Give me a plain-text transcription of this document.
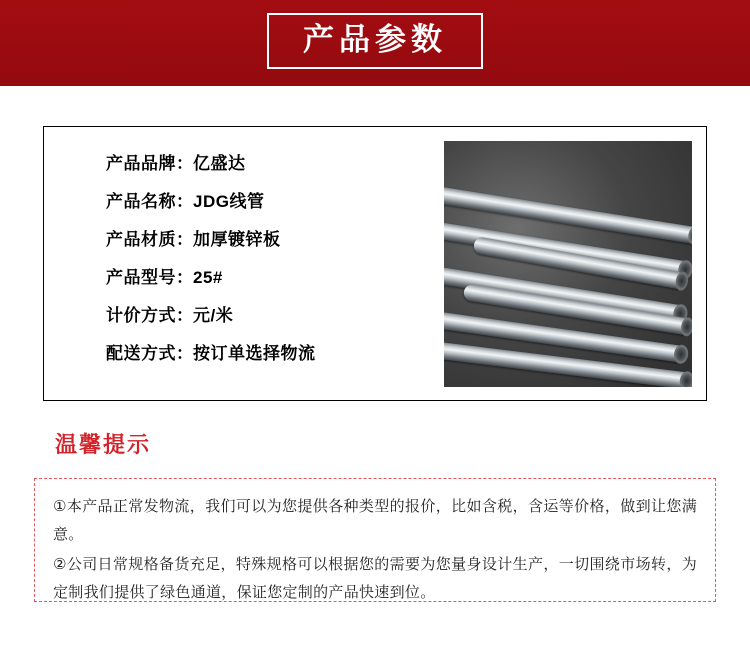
产品参数
产品品牌 ： 亿盛达
产品名称 ： JDG线管
产品材质 ： 加厚镀锌板
产品型号 ： 25#
计价方式 ： 元/米
配送方式 ： 按订单选择物流
温馨提示
①本产品正常发物流，我们可以为您提供各种类型的报价，比如含税，含运等价格，做到让您满意。
②公司日常规格备货充足，特殊规格可以根据您的需要为您量身设计生产，一切围绕市场转，为定制我们提供了绿色通道，保证您定制的产品快速到位。
